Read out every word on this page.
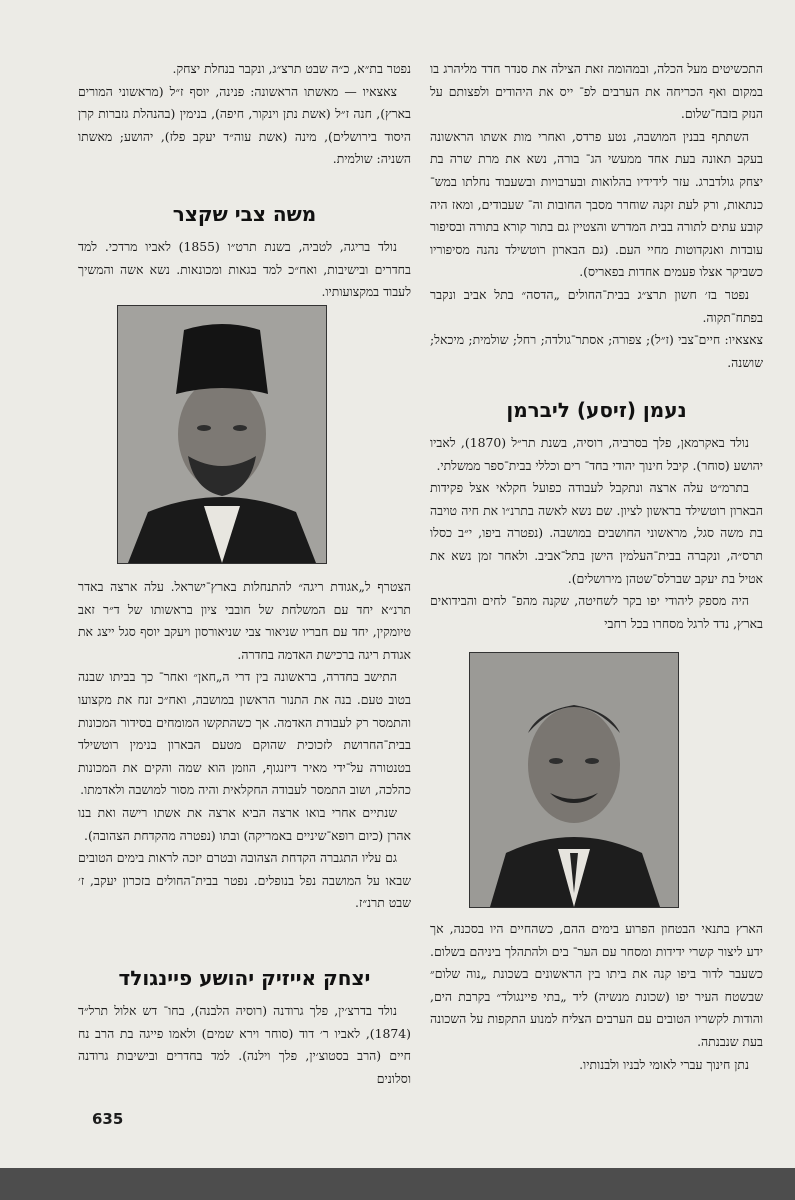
התכשיטים מעל הכלה, ובמהומה זאת הצילה את סנדר חדד מליהרג בו במקום ואף הכריחה את הערבים לפ־ ייס את היהודים ולפצותם על הנזק בזבח־שלום.

השתתף בבנין המושבה, נטע פרדס, ואחרי מות אשתו הראשונה בעקב תאונה בעת אחד ממעשי הג־ בורה, נשא את מרת שרה בת יצחק גולדברג. עזר לידידיו בהלואות ובערבויות ובשעבוד נחלתו במש־ כנתאות, ורק לעת זקנה שוחרר מסבך החובות וה־ שעבודים, ומאז היה קובע עתים לתורה בבית המדרש והצטיין גם בתור קורא בתורה ובסיפור עובדות ואנקדוטות מחיי העם. (גם הבארון רוטשילד נהנה מסיפוריו כשביקר אצלו פעמים אחדות בפאריס).

נפטר בז׳ חשון תרצ״ג בבית־החולים „הדסה״ בתל אביב ונקבר בפתח־תקוה.

צאצאיו: חיים־צבי (ז״ל); צפורה; אסתר־גולדה; רחל; שולמית; מיכאל; שושנה.

נעמן (זיסע) ליברמן

נולד באקרמאן, פלך בסרביה, רוסיה, בשנת תר״ל (1870), לאביו יהושע (סוחר). קיבל חינוך יהודי בחד־ רים וכללי בבית־ספר ממשלתי.

בתרמ״ט עלה ארצה ונתקבל לעבודה כפועל חקלאי אצל פקידות הבארון רוטשילד בראשון לציון. שם נשא לאשה בתרנ״ו את חיה טויבה בת משה סגל, מראשוני החושבים במושבה. (נפטרה ביפו, י״ב כסלו תרס״ה, ונקברה בבית־העלמין הישן בתל־אביב. ולאחר זמן נשא את אטיל בת יעקב שברלס־שטהן מירושלים).

היה מספק ליהודי יפו בקר לשחיטה, שקנה מהפ־ לחים והבידואים בארץ, נדד לרגל מסחרו בכל רחבי

הארץ בתנאי הבטחון הפרוע בימים ההם, כשהחיים היו בסכנה, אך ידע ליצור קשרי ידידות ומסחר עם הער־ בים ולהתהלך ביניהם בשלום. כשעבר לדור ביפו קנה את ביתו בין הראשונים בשכונת „נוה שלום״ שבשטח העיר יפו (שכונת מנשיה) ליד „בתי פיינגולד״ בקרבת הים, והודות לקשריו הטובים עם הערבים הצליח למנוע התקפות על השכונה בעת שנבנתה.

נתן חינוך עברי לאומי לבניו ולבנותיו.

נפטר בת״א, כ״ה שבט תרצ״ג, ונקבר בנחלת יצחק.

צאצאיו — מאשתו הראשונה: פנינה, יוסף ז״ל (מראשוני המורים בארץ), חנה ז״ל (אשת נתן וינקור, חיפה), בנימין (בהנהלת גזברות קרן היסוד בירושלים), מינה (אשת עוה״ד יעקב פלז), יהושע; מאשתו השניה: שולמית.

משה צבי שקצר

נולד בריגה, לטביה, בשנת תרט״ו (1855) לאביו מרדכי. למד בחדרים ובישיבות, ואח״כ למד בגאות ומכונאות. נשא אשה והמשיך לעבוד במקצועותיו.

הצטרף ל„אגודת ריגה״ להתנחלות בארץ־ישראל. עלה ארצה באדר תרנ״א יחד עם המשלחת של חובבי ציון בראשותו של ד״ר זאב טיומקין, יחד עם חבריו שניאור צבי שניאורסון ויעקב יוסף סגל ייצג את אגודת ריגה ברכישת האדמה בחדרה.

התישב בחדרה, בראשונה בין דרי ה„חאן״ ואחר־ כך בביתו שבנה בטוב טעם. בנה את התנור הראשון במושבה, ואח״כ זנח את מקצועו והתמסר רק לעבודת האדמה. אך כשהתקשו המומחים בסידור המכונות בבית־החרושת לזכוכית שהוקם מטעם הבארון בנימין רוטשילד בטנטורה על־ידי מאיר דיזנגוף, הוזמן הוא שמה והקים את המכונות כהלכה, ושוב התמסר לעבודה החקלאית והיה מסור למושבה ולאדמתו.

שנתיים אחרי בואו ארצה הביא ארצה את אשתו רישה ואת בנו אהרן (כיום רופא־שיניים באמריקה) ובתו (נפטרה מהקדחת הצהובה).

גם עליו התגברה הקדחת הצהובה ובטרם יזכה לראות בימים הטובים שבאו על המושבה נפל בנופלים. נפטר בבית־החולים בזכרון יעקב, ז׳ שבט תרנ״ז.

יצחק אייזיק יהושע פיינגולד

נולד בדרצ׳ין, פלך גרודנה (רוסיה הלבנה), בחו־ דש אלול תרל״ד (1874), לאביו ר׳ דוד (סוחר וירא שמים) ולאמו פייגה בת הרב נח חיים (הרב בסטוצ׳ין, פלך וילנה). למד בחדרים ובישיבות גרודנה וסלונים

635
